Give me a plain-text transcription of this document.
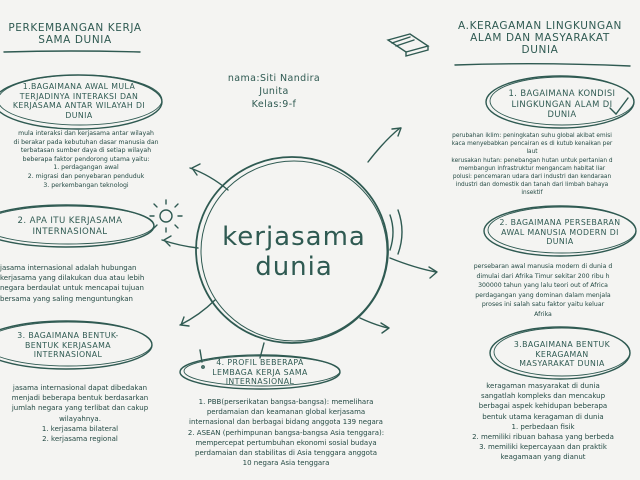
PERKEMBANGAN KERJA
SAMA DUNIA
A.KERAGAMAN LINGKUNGAN
ALAM DAN MASYARAKAT
DUNIA
nama:Siti Nandira
Junita
Kelas:9-f
kerjasama
dunia
1.BAGAIMANA AWAL MULA
TERJADINYA INTERAKSI DAN
KERJASAMA ANTAR WILAYAH DI
DUNIA
mula interaksi dan kerjasama antar wilayah
di berakar pada kebutuhan dasar manusia dan
terbatasan sumber daya di setiap wilayah
beberapa faktor pendorong utama yaitu:
1. perdagangan awal
2. migrasi dan penyebaran penduduk
3. perkembangan teknologi
2. APA ITU KERJASAMA
INTERNASIONAL
jasama internasional adalah hubungan
kerjasama yang dilakukan dua atau lebih
negara berdaulat untuk mencapai tujuan
bersama yang saling menguntungkan
3. BAGAIMANA BENTUK-
BENTUK KERJASAMA
INTERNASIONAL
jasama internasional dapat dibedakan
menjadi beberapa bentuk berdasarkan
jumlah negara yang terlibat dan cakup
wilayahnya.
1. kerjasama bilateral
2. kerjasama regional
4. PROFIL BEBERAPA
LEMBAGA KERJA SAMA
INTERNASIONAL
1. PBB(perserikatan bangsa-bangsa): memelihara
perdamaian dan keamanan global kerjasama
internasional dan berbagai bidang anggota 139 negara
2. ASEAN (perhimpunan bangsa-bangsa Asia tenggara):
mempercepat pertumbuhan ekonomi sosial budaya
perdamaian dan stabilitas di Asia tenggara anggota
10 negara Asia tenggara
1. BAGAIMANA KONDISI
LINGKUNGAN ALAM DI
DUNIA
perubahan iklim: peningkatan suhu global akibat emisi
kaca menyebabkan pencairan es di kutub kenaikan per
laut
kerusakan hutan: penebangan hutan untuk pertanian d
membangun infrastruktur mengancam habitat liar
polusi: pencemaran udara dari industri dan kendaraan
industri dan domestik dan tanah dari limbah bahaya
insektif
2. BAGAIMANA PERSEBARAN
AWAL MANUSIA MODERN DI
DUNIA
persebaran awal manusia modern di dunia d
dimulai dari Afrika Timur sekitar 200 ribu h
300000 tahun yang lalu teori out of Africa
perdagangan yang dominan dalam menjala
proses ini salah satu faktor yaitu keluar
Afrika
3.BAGAIMANA BENTUK
KERAGAMAN
MASYARAKAT DUNIA
keragaman masyarakat di dunia
sangatlah kompleks dan mencakup
berbagai aspek kehidupan beberapa
bentuk utama keragaman di dunia
1. perbedaan fisik
2. memiliki ribuan bahasa yang berbeda
3. memiliki kepercayaan dan praktik
keagamaan yang dianut
